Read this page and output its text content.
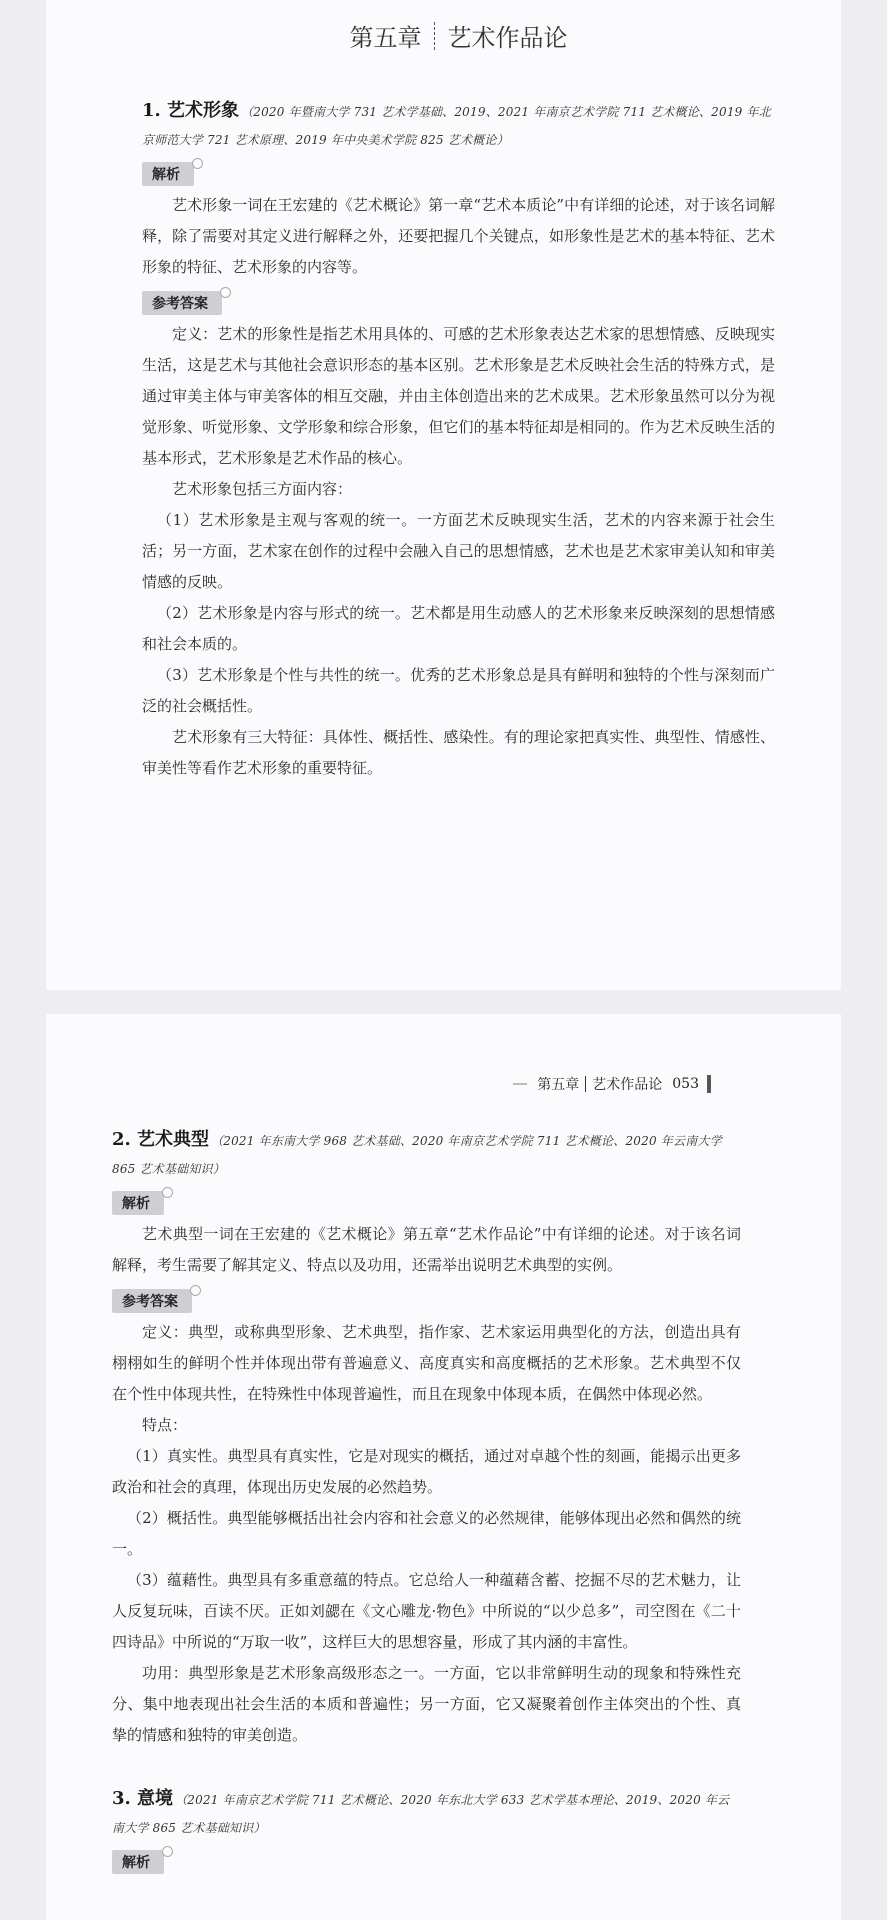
第五章 艺术作品论

1. 艺术形象 （2020 年暨南大学 731 艺术学基础、2019、2021 年南京艺术学院 711 艺术概论、2019 年北京师范大学 721 艺术原理、2019 年中央美术学院 825 艺术概论）

解析

艺术形象一词在王宏建的《艺术概论》第一章“艺术本质论”中有详细的论述，对于该名词解释，除了需要对其定义进行解释之外，还要把握几个关键点，如形象性是艺术的基本特征、艺术形象的特征、艺术形象的内容等。

参考答案

定义：艺术的形象性是指艺术用具体的、可感的艺术形象表达艺术家的思想情感、反映现实生活，这是艺术与其他社会意识形态的基本区别。艺术形象是艺术反映社会生活的特殊方式，是通过审美主体与审美客体的相互交融，并由主体创造出来的艺术成果。艺术形象虽然可以分为视觉形象、听觉形象、文学形象和综合形象，但它们的基本特征却是相同的。作为艺术反映生活的基本形式，艺术形象是艺术作品的核心。

艺术形象包括三方面内容：

（1）艺术形象是主观与客观的统一。一方面艺术反映现实生活，艺术的内容来源于社会生活；另一方面，艺术家在创作的过程中会融入自己的思想情感，艺术也是艺术家审美认知和审美情感的反映。

（2）艺术形象是内容与形式的统一。艺术都是用生动感人的艺术形象来反映深刻的思想情感和社会本质的。

（3）艺术形象是个性与共性的统一。优秀的艺术形象总是具有鲜明和独特的个性与深刻而广泛的社会概括性。

艺术形象有三大特征：具体性、概括性、感染性。有的理论家把真实性、典型性、情感性、审美性等看作艺术形象的重要特征。

第五章 艺术作品论 053

2. 艺术典型 （2021 年东南大学 968 艺术基础、2020 年南京艺术学院 711 艺术概论、2020 年云南大学 865 艺术基础知识）

解析

艺术典型一词在王宏建的《艺术概论》第五章“艺术作品论”中有详细的论述。对于该名词解释，考生需要了解其定义、特点以及功用，还需举出说明艺术典型的实例。

参考答案

定义：典型，或称典型形象、艺术典型，指作家、艺术家运用典型化的方法，创造出具有栩栩如生的鲜明个性并体现出带有普遍意义、高度真实和高度概括的艺术形象。艺术典型不仅在个性中体现共性，在特殊性中体现普遍性，而且在现象中体现本质，在偶然中体现必然。

特点：

（1）真实性。典型具有真实性，它是对现实的概括，通过对卓越个性的刻画，能揭示出更多政治和社会的真理，体现出历史发展的必然趋势。

（2）概括性。典型能够概括出社会内容和社会意义的必然规律，能够体现出必然和偶然的统一。

（3）蕴藉性。典型具有多重意蕴的特点。它总给人一种蕴藉含蓄、挖掘不尽的艺术魅力，让人反复玩味，百读不厌。正如刘勰在《文心雕龙·物色》中所说的“以少总多”，司空图在《二十四诗品》中所说的“万取一收”，这样巨大的思想容量，形成了其内涵的丰富性。

功用：典型形象是艺术形象高级形态之一。一方面，它以非常鲜明生动的现象和特殊性充分、集中地表现出社会生活的本质和普遍性；另一方面，它又凝聚着创作主体突出的个性、真挚的情感和独特的审美创造。

3. 意境 （2021 年南京艺术学院 711 艺术概论、2020 年东北大学 633 艺术学基本理论、2019、2020 年云南大学 865 艺术基础知识）

解析
